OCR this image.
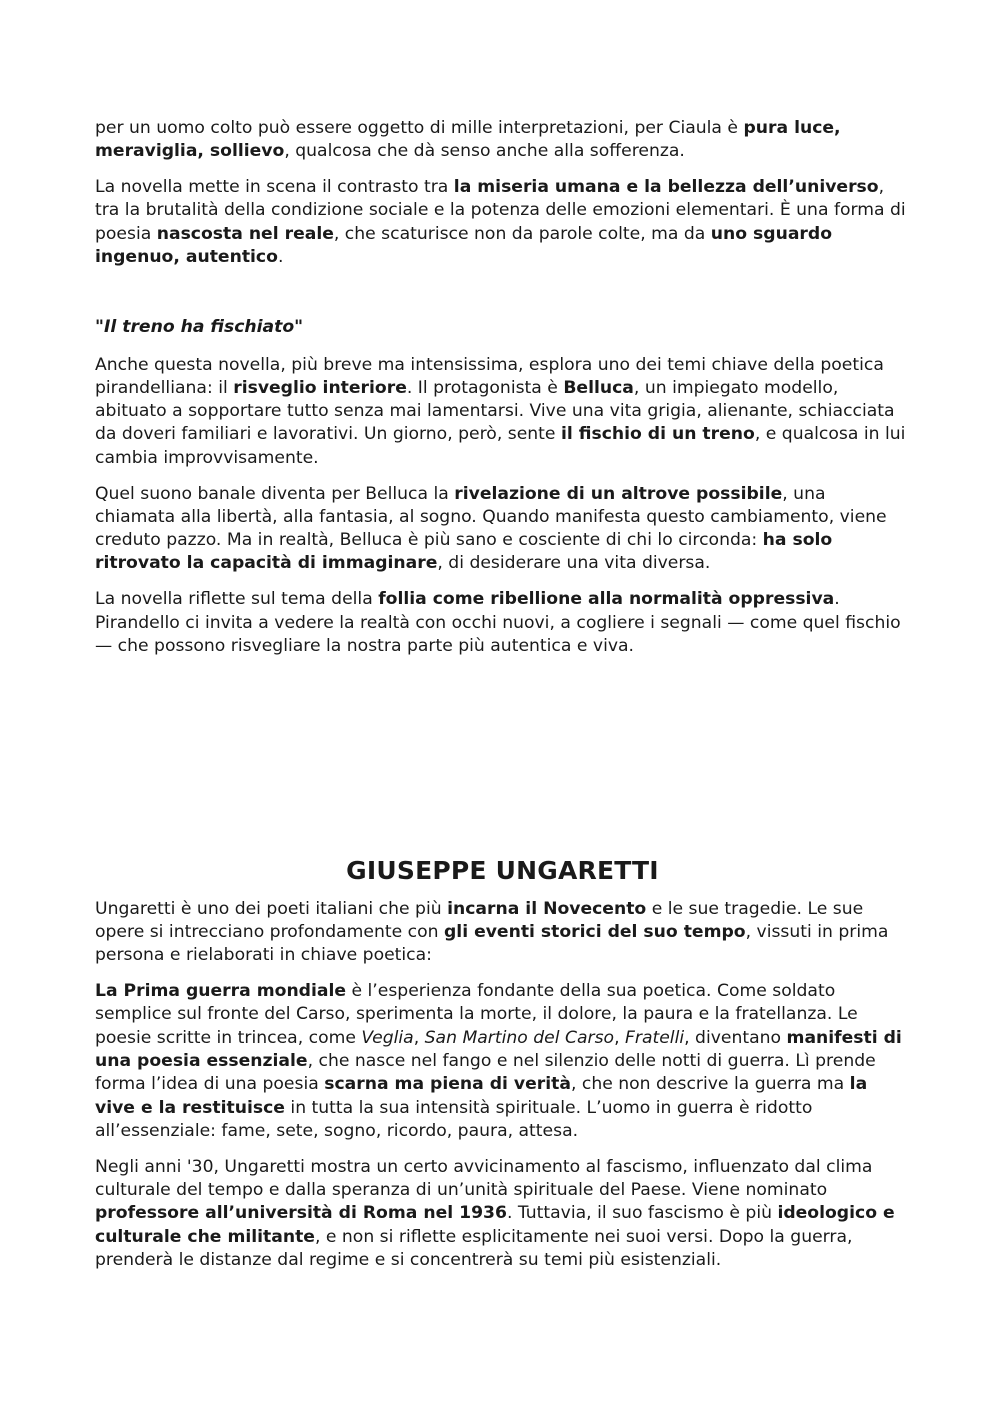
per un uomo colto può essere oggetto di mille interpretazioni, per Ciaula è pura luce, meraviglia, sollievo, qualcosa che dà senso anche alla sofferenza.

La novella mette in scena il contrasto tra la miseria umana e la bellezza dell’universo, tra la brutalità della condizione sociale e la potenza delle emozioni elementari. È una forma di poesia nascosta nel reale, che scaturisce non da parole colte, ma da uno sguardo ingenuo, autentico.

"Il treno ha fischiato"

Anche questa novella, più breve ma intensissima, esplora uno dei temi chiave della poetica pirandelliana: il risveglio interiore. Il protagonista è Belluca, un impiegato modello, abituato a sopportare tutto senza mai lamentarsi. Vive una vita grigia, alienante, schiacciata da doveri familiari e lavorativi. Un giorno, però, sente il fischio di un treno, e qualcosa in lui cambia improvvisamente.

Quel suono banale diventa per Belluca la rivelazione di un altrove possibile, una chiamata alla libertà, alla fantasia, al sogno. Quando manifesta questo cambiamento, viene creduto pazzo. Ma in realtà, Belluca è più sano e cosciente di chi lo circonda: ha solo ritrovato la capacità di immaginare, di desiderare una vita diversa.

La novella riflette sul tema della follia come ribellione alla normalità oppressiva. Pirandello ci invita a vedere la realtà con occhi nuovi, a cogliere i segnali — come quel fischio — che possono risvegliare la nostra parte più autentica e viva.

GIUSEPPE UNGARETTI

Ungaretti è uno dei poeti italiani che più incarna il Novecento e le sue tragedie. Le sue opere si intrecciano profondamente con gli eventi storici del suo tempo, vissuti in prima persona e rielaborati in chiave poetica:

La Prima guerra mondiale è l’esperienza fondante della sua poetica. Come soldato semplice sul fronte del Carso, sperimenta la morte, il dolore, la paura e la fratellanza. Le poesie scritte in trincea, come Veglia, San Martino del Carso, Fratelli, diventano manifesti di una poesia essenziale, che nasce nel fango e nel silenzio delle notti di guerra. Lì prende forma l’idea di una poesia scarna ma piena di verità, che non descrive la guerra ma la vive e la restituisce in tutta la sua intensità spirituale. L’uomo in guerra è ridotto all’essenziale: fame, sete, sogno, ricordo, paura, attesa.

Negli anni '30, Ungaretti mostra un certo avvicinamento al fascismo, influenzato dal clima culturale del tempo e dalla speranza di un’unità spirituale del Paese. Viene nominato professore all’università di Roma nel 1936. Tuttavia, il suo fascismo è più ideologico e culturale che militante, e non si riflette esplicitamente nei suoi versi. Dopo la guerra, prenderà le distanze dal regime e si concentrerà su temi più esistenziali.
